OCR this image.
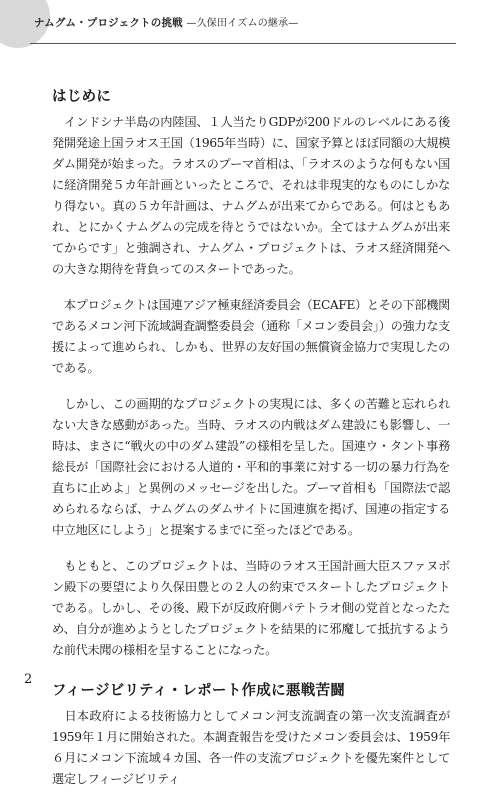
ナムグム・プロジェクトの挑戦 —久保田イズムの継承—
はじめに

　インドシナ半島の内陸国、１人当たりGDPが200ドルのレベルにある後発開発途上国ラオス王国（1965年当時）に、国家予算とほぼ同額の大規模ダム開発が始まった。ラオスのプーマ首相は、「ラオスのような何もない国に経済開発５カ年計画といったところで、それは非現実的なものにしかなり得ない。真の５カ年計画は、ナムグムが出来てからである。何はともあれ、とにかくナムグムの完成を待とうではないか。全てはナムグムが出来てからです」と強調され、ナムグム・プロジェクトは、ラオス経済開発への大きな期待を背負ってのスタートであった。

　本プロジェクトは国連アジア極東経済委員会（ECAFE）とその下部機関であるメコン河下流域調査調整委員会（通称「メコン委員会」）の強力な支援によって進められ、しかも、世界の友好国の無償資金協力で実現したのである。

　しかし、この画期的なプロジェクトの実現には、多くの苦難と忘れられない大きな感動があった。当時、ラオスの内戦はダム建設にも影響し、一時は、まさに“戦火の中のダム建設”の様相を呈した。国連ウ・タント事務総長が「国際社会における人道的・平和的事業に対する一切の暴力行為を直ちに止めよ」と異例のメッセージを出した。プーマ首相も「国際法で認められるならば、ナムグムのダムサイトに国連旗を掲げ、国連の指定する中立地区にしよう」と提案するまでに至ったほどである。

　もともと、このプロジェクトは、当時のラオス王国計画大臣スファヌボン殿下の要望により久保田豊との２人の約束でスタートしたプロジェクトである。しかし、その後、殿下が反政府側パテトラオ側の党首となったため、自分が進めようとしたプロジェクトを結果的に邪魔して抵抗するような前代未聞の様相を呈することになった。

フィージビリティ・レポート作成に悪戦苦闘

　日本政府による技術協力としてメコン河支流調査の第一次支流調査が1959年１月に開始された。本調査報告を受けたメコン委員会は、1959年６月にメコン下流域４カ国、各一件の支流プロジェクトを優先案件として選定しフィージビリティ

2
